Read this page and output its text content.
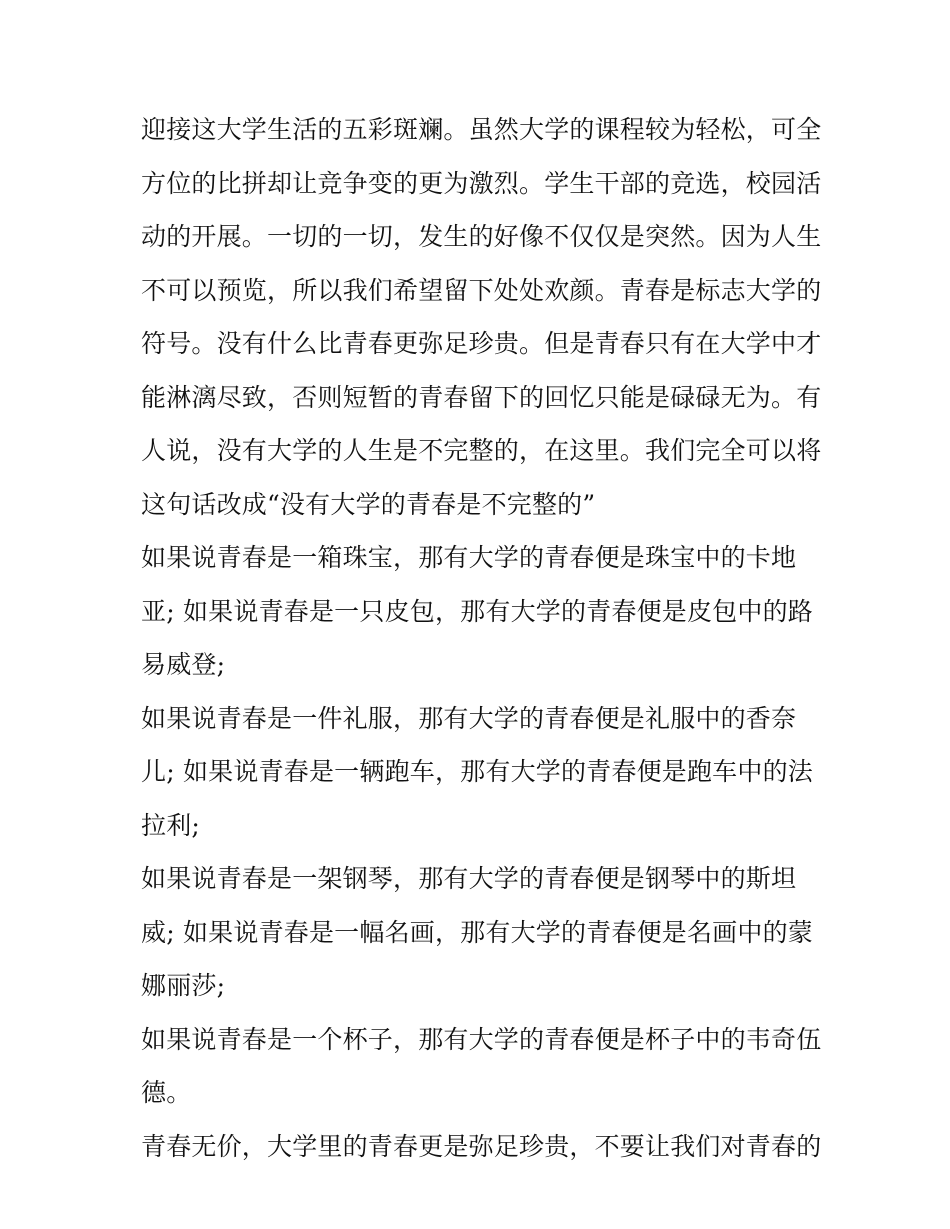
迎接这大学生活的五彩斑斓。虽然大学的课程较为轻松，可全
方位的比拼却让竞争变的更为激烈。学生干部的竞选，校园活
动的开展。一切的一切，发生的好像不仅仅是突然。因为人生
不可以预览，所以我们希望留下处处欢颜。青春是标志大学的
符号。没有什么比青春更弥足珍贵。但是青春只有在大学中才
能淋漓尽致，否则短暂的青春留下的回忆只能是碌碌无为。有
人说，没有大学的人生是不完整的，在这里。我们完全可以将
这句话改成“没有大学的青春是不完整的”
如果说青春是一箱珠宝，那有大学的青春便是珠宝中的卡地
亚; 如果说青春是一只皮包，那有大学的青春便是皮包中的路
易威登;
如果说青春是一件礼服，那有大学的青春便是礼服中的香奈
儿; 如果说青春是一辆跑车，那有大学的青春便是跑车中的法
拉利;
如果说青春是一架钢琴，那有大学的青春便是钢琴中的斯坦
威; 如果说青春是一幅名画，那有大学的青春便是名画中的蒙
娜丽莎;
如果说青春是一个杯子，那有大学的青春便是杯子中的韦奇伍
德。
青春无价，大学里的青春更是弥足珍贵，不要让我们对青春的
